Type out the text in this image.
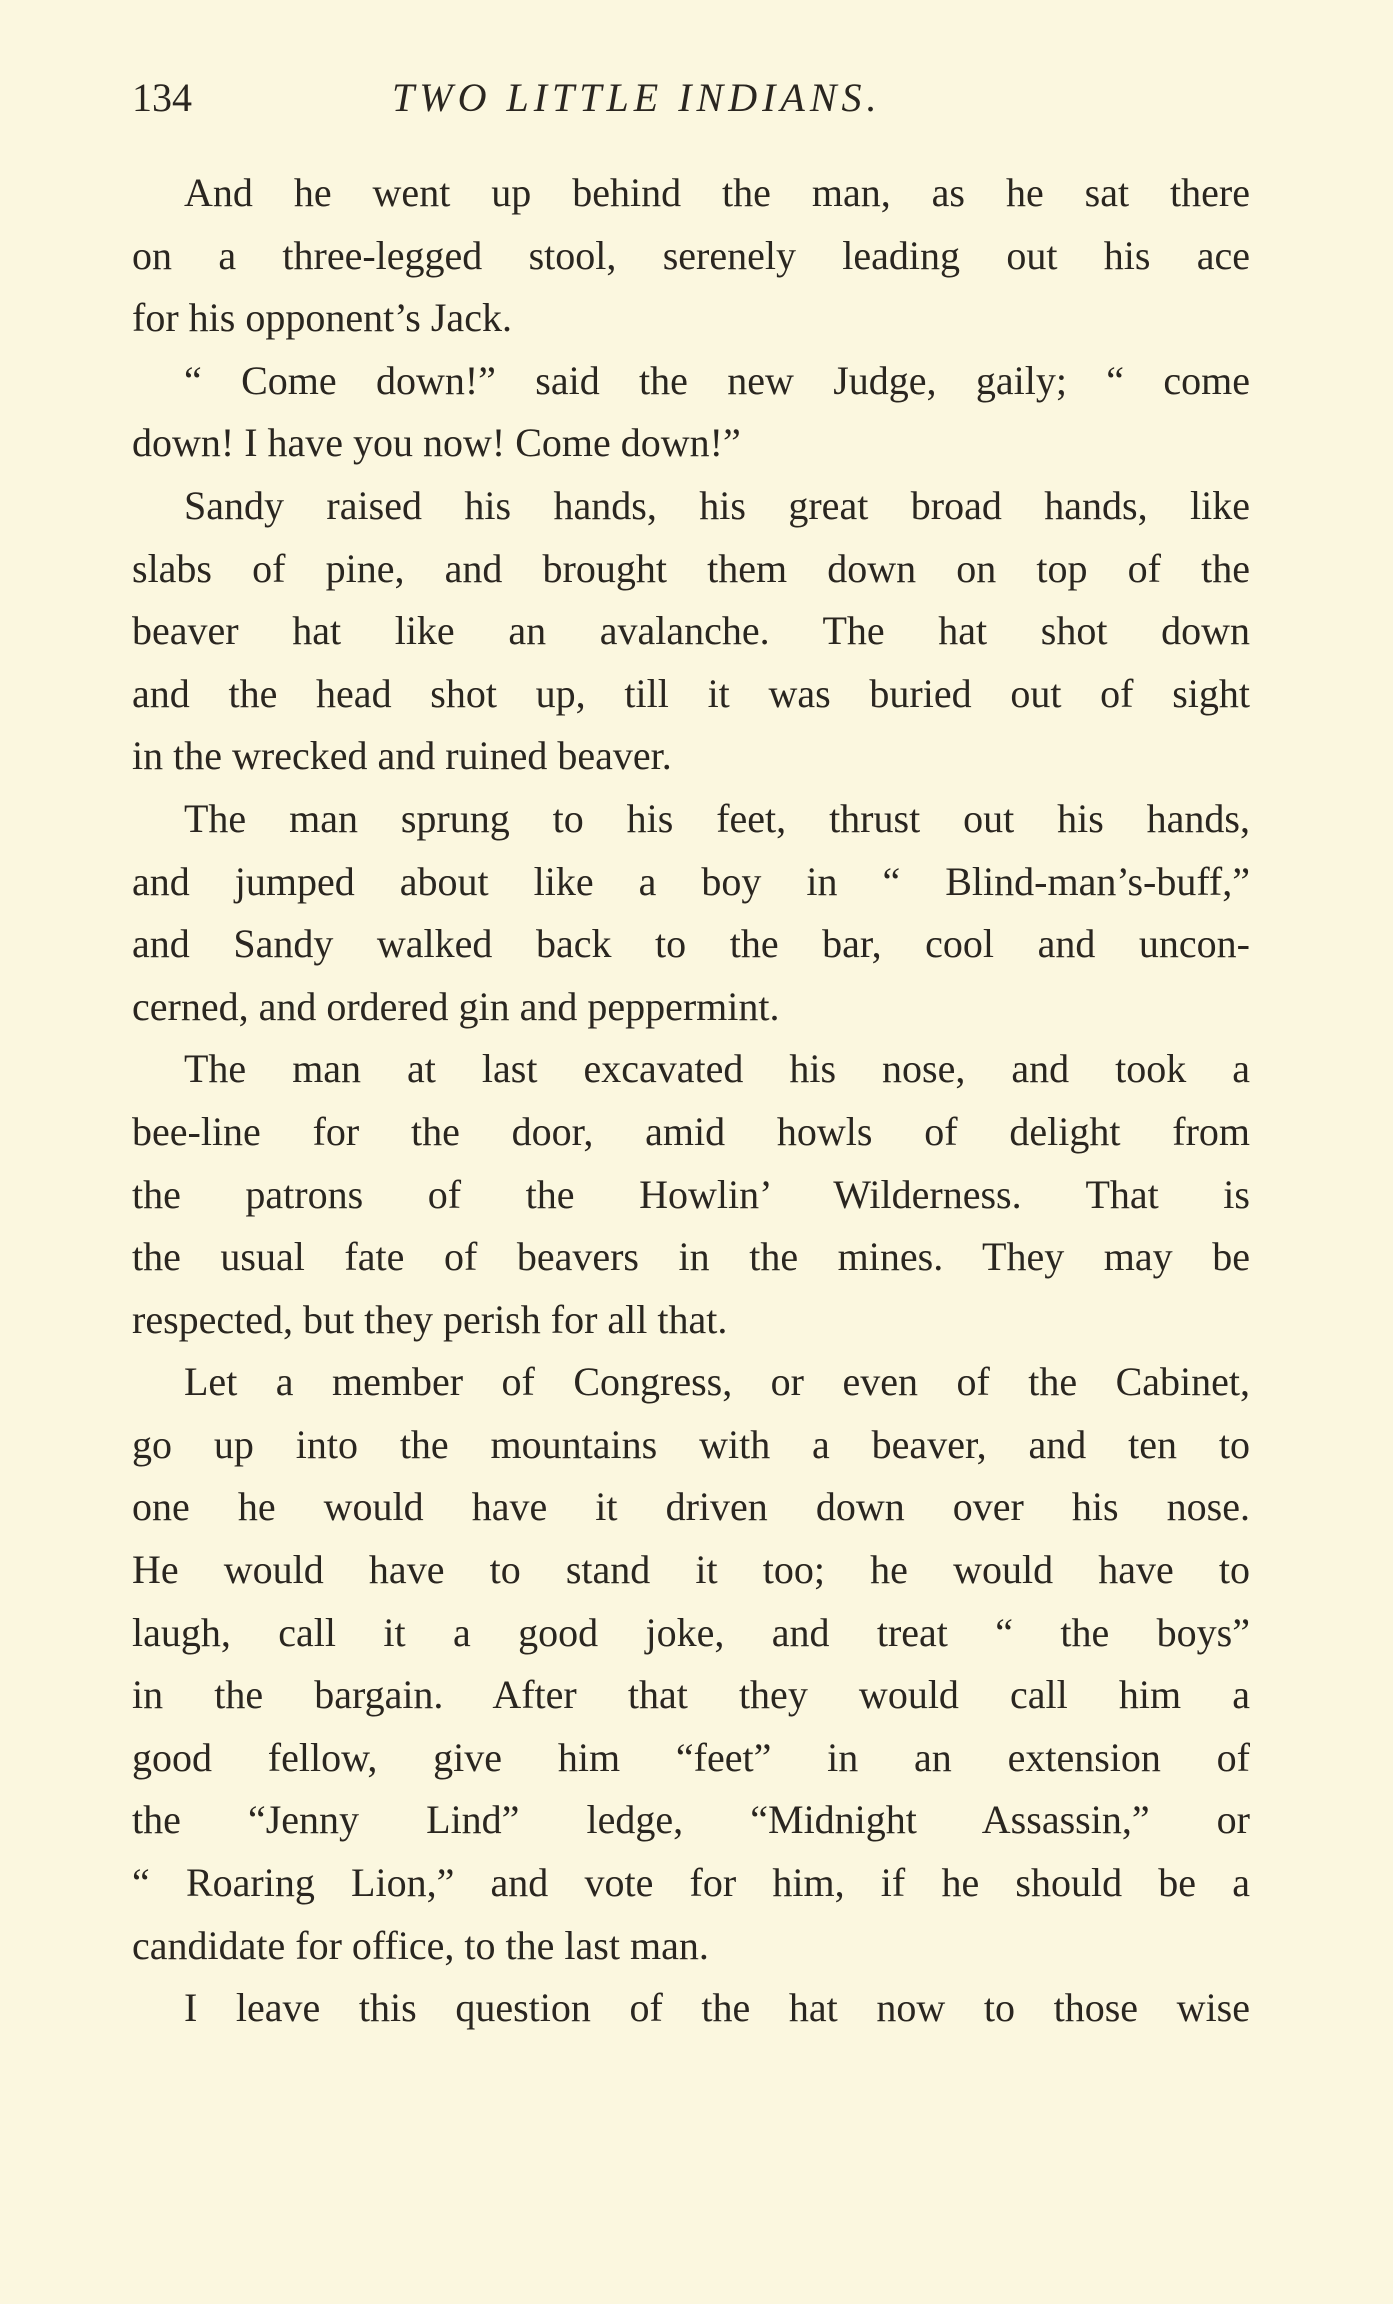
134	TWO LITTLE INDIANS.
And he went up behind the man, as he sat there
on a three-legged stool, serenely leading out his ace
for his opponent’s Jack.
“ Come down!” said the new Judge, gaily; “ come
down! I have you now! Come down!”
Sandy raised his hands, his great broad hands, like
slabs of pine, and brought them down on top of the
beaver hat like an avalanche. The hat shot down
and the head shot up, till it was buried out of sight
in the wrecked and ruined beaver.
The man sprung to his feet, thrust out his hands,
and jumped about like a boy in “ Blind-man’s-buff,”
and Sandy walked back to the bar, cool and uncon-
cerned, and ordered gin and peppermint.
The man at last excavated his nose, and took a
bee-line for the door, amid howls of delight from
the patrons of the Howlin’ Wilderness. That is
the usual fate of beavers in the mines. They may be
respected, but they perish for all that.
Let a member of Congress, or even of the Cabinet,
go up into the mountains with a beaver, and ten to
one he would have it driven down over his nose.
He would have to stand it too; he would have to
laugh, call it a good joke, and treat “ the boys”
in the bargain. After that they would call him a
good fellow, give him “feet” in an extension of
the “Jenny Lind” ledge, “Midnight Assassin,” or
“ Roaring Lion,” and vote for him, if he should be a
candidate for office, to the last man.
I leave this question of the hat now to those wise
